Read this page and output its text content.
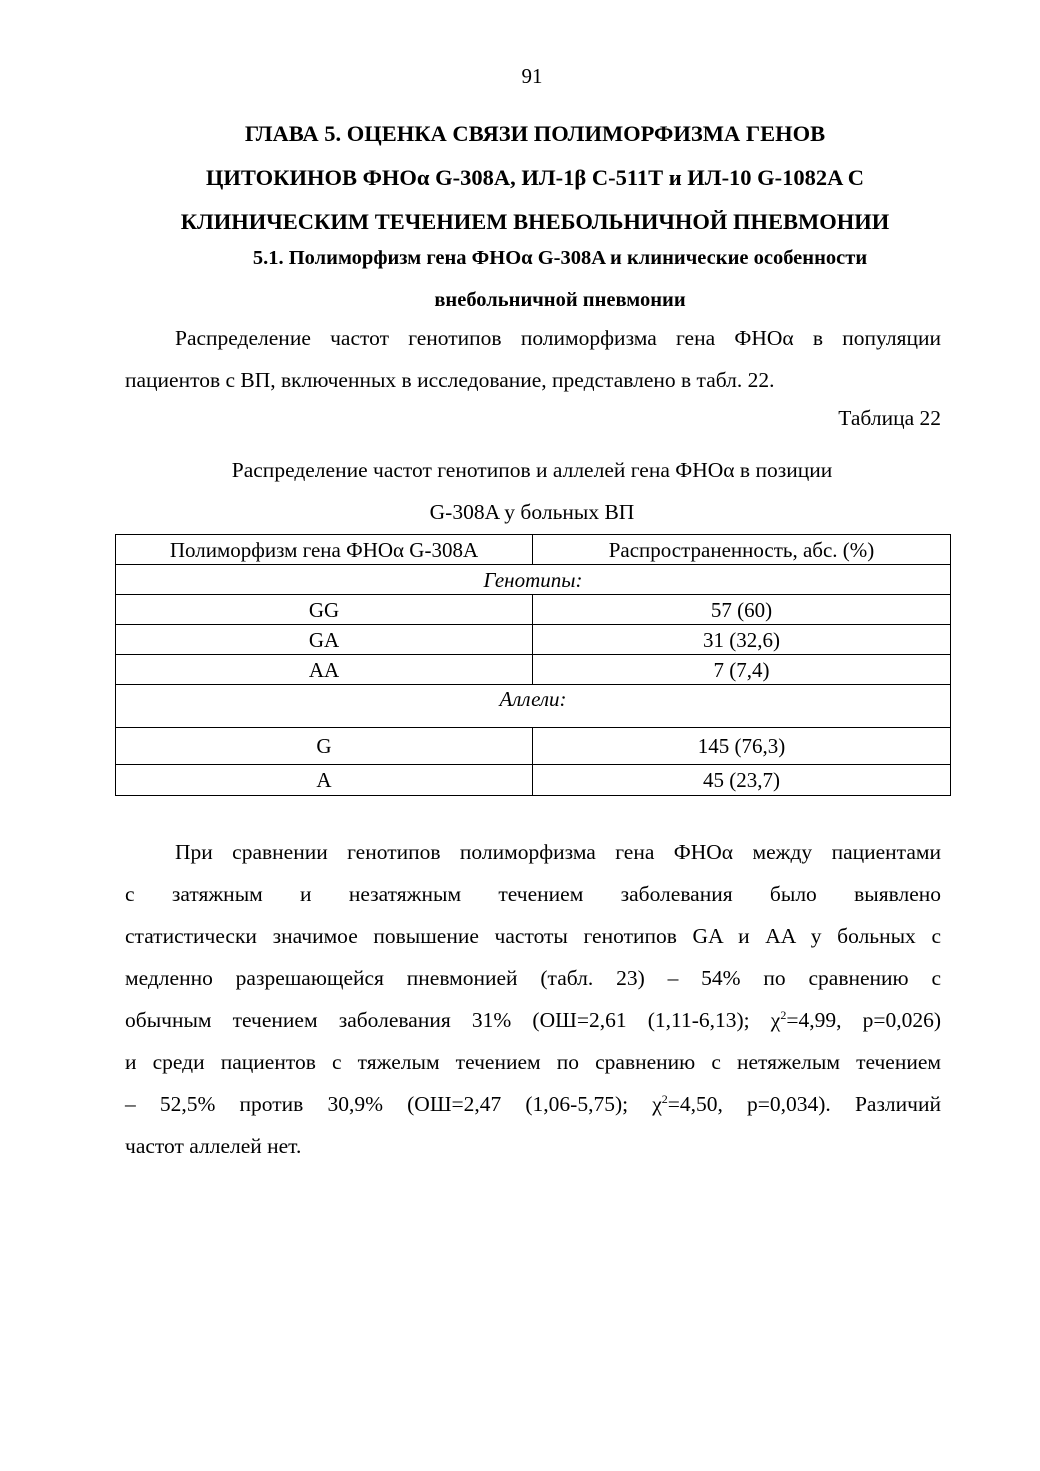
91
ГЛАВА 5. ОЦЕНКА СВЯЗИ ПОЛИМОРФИЗМА ГЕНОВ
ЦИТОКИНОВ ФНОα G-308A, ИЛ-1β С-511Т и ИЛ-10 G-1082A С
КЛИНИЧЕСКИМ ТЕЧЕНИЕМ ВНЕБОЛЬНИЧНОЙ ПНЕВМОНИИ
5.1. Полиморфизм гена ФНОα G-308A и клинические особенности
внебольничной пневмонии
Распределение частот генотипов полиморфизма гена ФНОα в популяции
пациентов с ВП, включенных в исследование, представлено в табл. 22.
Таблица 22
Распределение частот генотипов и аллелей гена ФНОα в позиции
G-308A у больных ВП
Полиморфизм гена ФНОα G-308A	Распространенность, абс. (%)
Генотипы:	
GG	57 (60)
GA	31 (32,6)
AA	7 (7,4)
Аллели:	
G	145 (76,3)
A	45 (23,7)
При сравнении генотипов полиморфизма гена ФНОα между пациентами
с затяжным и незатяжным течением заболевания было выявлено
статистически значимое повышение частоты генотипов GA и AA у больных с
медленно разрешающейся пневмонией (табл. 23) – 54% по сравнению с
обычным течением заболевания 31% (ОШ=2,61 (1,11-6,13); $\chi^2=4,99$, p=0,026)
и среди пациентов с тяжелым течением по сравнению с нетяжелым течением
– 52,5% против 30,9% (ОШ=2,47 (1,06-5,75); $\chi^2=4,50$, p=0,034). Различий
частот аллелей нет.
